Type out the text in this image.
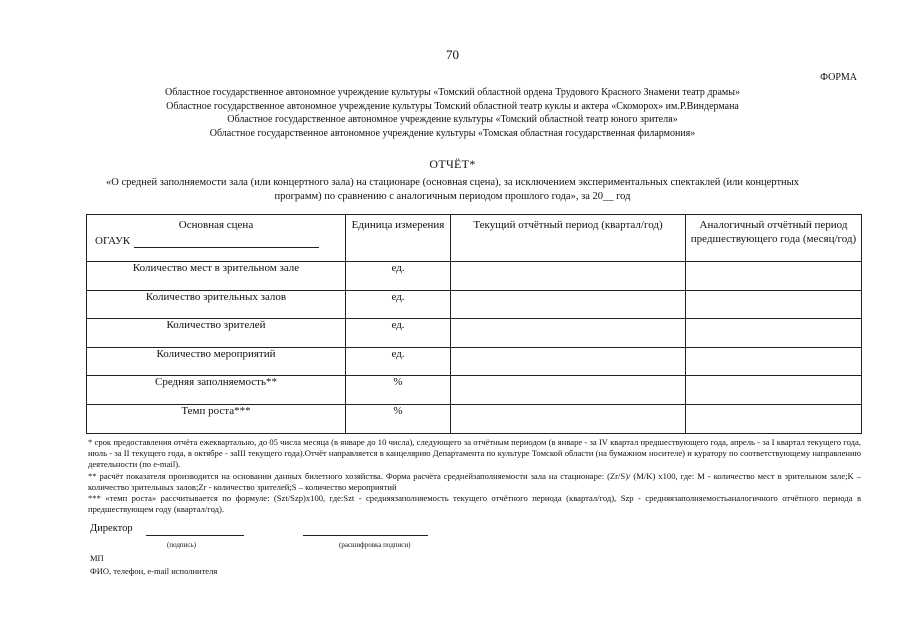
70
ФОРМА
Областное государственное автономное учреждение культуры «Томский областной ордена Трудового Красного Знамени театр драмы»
Областное государственное автономное учреждение культуры Томский областной театр куклы и актера «Скоморох» им.Р.Виндермана
Областное государственное автономное учреждение культуры «Томский областной театр юного зрителя»
Областное государственное автономное учреждение культуры «Томская областная государственная филармония»
ОТЧЁТ*
«О средней заполняемости зала (или концертного зала) на стационаре (основная сцена), за исключением экспериментальных спектаклей (или концертных программ) по сравнению с аналогичным периодом прошлого года», за 20__ год
Основная сцена
ОГАУК	Единица измерения	Текущий отчётный период (квартал/год)	Аналогичный отчётный период предшествующего года (месяц/год)
Количество мест в зрительном зале	ед.		
Количество зрительных залов	ед.		
Количество зрителей	ед.		
Количество мероприятий	ед.		
Средняя заполняемость**	%		
Темп роста***	%		

* срок предоставления отчёта ежеквартально, до 05 числа месяца (в январе до 10 числа), следующего за отчётным периодом (в январе - за IV квартал предшествующего года, апрель - за I квартал текущего года, июль - за II текущего года, в октябре - заIII текущего года).Отчёт направляется в канцелярию Департамента по культуре Томской области (на бумажном носителе) и куратору по соответствующему направлению деятельности (по e-mail).

** расчёт показателя производится на основании данных билетного хозяйства. Форма расчёта среднейзаполняемости зала на стационаре: (Zr/S)/ (M/K) x100, где: M - количество мест в зрительном зале;K – количество зрительных залов;Zr - количество зрителей;S – количество мероприятий

*** «темп роста» рассчитывается по формуле: (Szt/Szp)x100, где:Szt - средняязаполняемость текущего отчётного периода (квартал/год), Szp - средняязаполняемостьаналогичного отчётного периода в предшествующем году (квартал/год).

Директор
(подпись)	(расшифровка подписи)
МП
ФИО, телефон, e-mail исполнителя
